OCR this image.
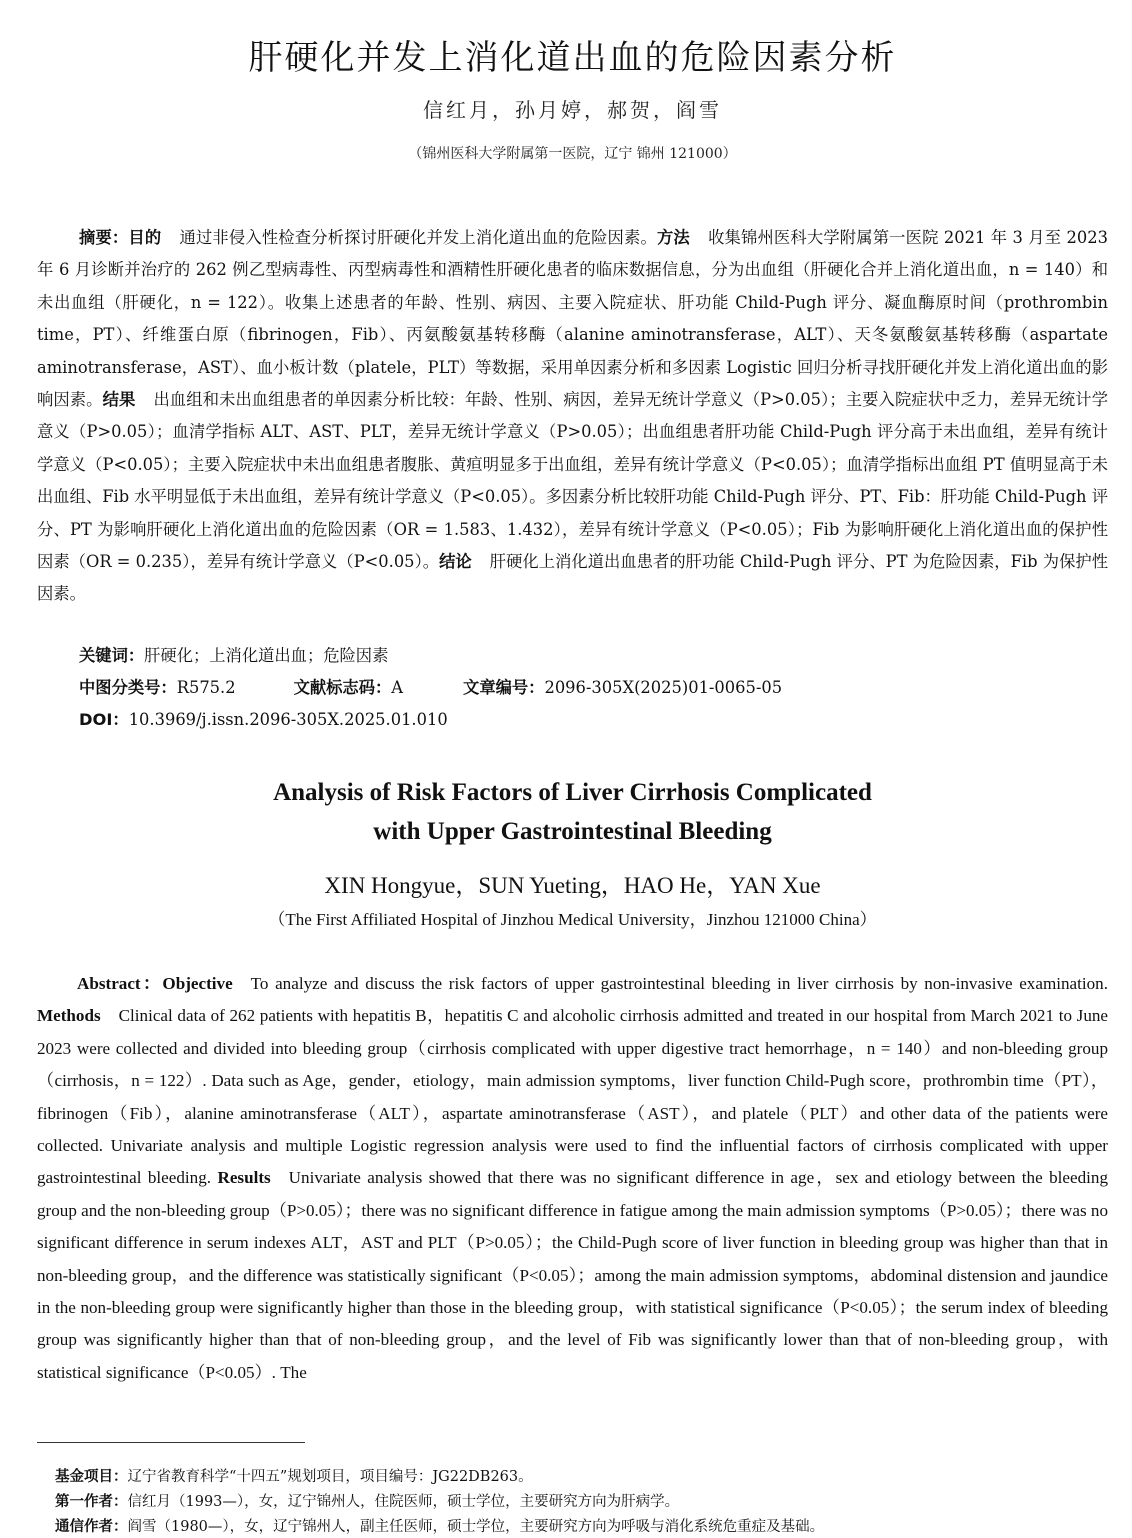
肝硬化并发上消化道出血的危险因素分析
信红月，孙月婷，郝贺，阎雪
（锦州医科大学附属第一医院，辽宁 锦州 121000）
摘要：目的 通过非侵入性检查分析探讨肝硬化并发上消化道出血的危险因素。方法 收集锦州医科大学附属第一医院 2021 年 3 月至 2023 年 6 月诊断并治疗的 262 例乙型病毒性、丙型病毒性和酒精性肝硬化患者的临床数据信息，分为出血组（肝硬化合并上消化道出血，n = 140）和未出血组（肝硬化，n = 122）。收集上述患者的年龄、性别、病因、主要入院症状、肝功能 Child-Pugh 评分、凝血酶原时间（prothrombin time，PT）、纤维蛋白原（fibrinogen，Fib）、丙氨酸氨基转移酶（alanine aminotransferase，ALT）、天冬氨酸氨基转移酶（aspartate aminotransferase，AST）、血小板计数（platele，PLT）等数据，采用单因素分析和多因素 Logistic 回归分析寻找肝硬化并发上消化道出血的影响因素。结果 出血组和未出血组患者的单因素分析比较：年龄、性别、病因，差异无统计学意义（P>0.05）；主要入院症状中乏力，差异无统计学意义（P>0.05）；血清学指标 ALT、AST、PLT，差异无统计学意义（P>0.05）；出血组患者肝功能 Child-Pugh 评分高于未出血组，差异有统计学意义（P<0.05）；主要入院症状中未出血组患者腹胀、黄疸明显多于出血组，差异有统计学意义（P<0.05）；血清学指标出血组 PT 值明显高于未出血组、Fib 水平明显低于未出血组，差异有统计学意义（P<0.05）。多因素分析比较肝功能 Child-Pugh 评分、PT、Fib：肝功能 Child-Pugh 评分、PT 为影响肝硬化上消化道出血的危险因素（OR = 1.583、1.432），差异有统计学意义（P<0.05）；Fib 为影响肝硬化上消化道出血的保护性因素（OR = 0.235），差异有统计学意义（P<0.05）。结论 肝硬化上消化道出血患者的肝功能 Child-Pugh 评分、PT 为危险因素，Fib 为保护性因素。
关键词：肝硬化；上消化道出血；危险因素
中图分类号：R575.2	文献标志码：A	文章编号：2096-305X(2025)01-0065-05
DOI：10.3969/j.issn.2096-305X.2025.01.010
Analysis of Risk Factors of Liver Cirrhosis Complicated
with Upper Gastrointestinal Bleeding
XIN Hongyue，SUN Yueting，HAO He，YAN Xue
（The First Affiliated Hospital of Jinzhou Medical University，Jinzhou 121000 China）
Abstract：Objective To analyze and discuss the risk factors of upper gastrointestinal bleeding in liver cirrhosis by non-invasive examination. Methods Clinical data of 262 patients with hepatitis B，hepatitis C and alcoholic cirrhosis admitted and treated in our hospital from March 2021 to June 2023 were collected and divided into bleeding group（cirrhosis complicated with upper digestive tract hemorrhage，n = 140）and non-bleeding group（cirrhosis，n = 122）. Data such as Age，gender，etiology，main admission symptoms，liver function Child-Pugh score，prothrombin time（PT），fibrinogen（Fib），alanine aminotransferase（ALT），aspartate aminotransferase（AST），and platele（PLT）and other data of the patients were collected. Univariate analysis and multiple Logistic regression analysis were used to find the influential factors of cirrhosis complicated with upper gastrointestinal bleeding. Results Univariate analysis showed that there was no significant difference in age，sex and etiology between the bleeding group and the non-bleeding group（P>0.05）；there was no significant difference in fatigue among the main admission symptoms（P>0.05）；there was no significant difference in serum indexes ALT，AST and PLT（P>0.05）；the Child-Pugh score of liver function in bleeding group was higher than that in non-bleeding group，and the difference was statistically significant（P<0.05）；among the main admission symptoms，abdominal distension and jaundice in the non-bleeding group were significantly higher than those in the bleeding group，with statistical significance（P<0.05）；the serum index of bleeding group was significantly higher than that of non-bleeding group，and the level of Fib was significantly lower than that of non-bleeding group，with statistical significance（P<0.05）. The
基金项目：辽宁省教育科学“十四五”规划项目，项目编号：JG22DB263。
第一作者：信红月（1993—），女，辽宁锦州人，住院医师，硕士学位，主要研究方向为肝病学。
通信作者：阎雪（1980—），女，辽宁锦州人，副主任医师，硕士学位，主要研究方向为呼吸与消化系统危重症及基础。
